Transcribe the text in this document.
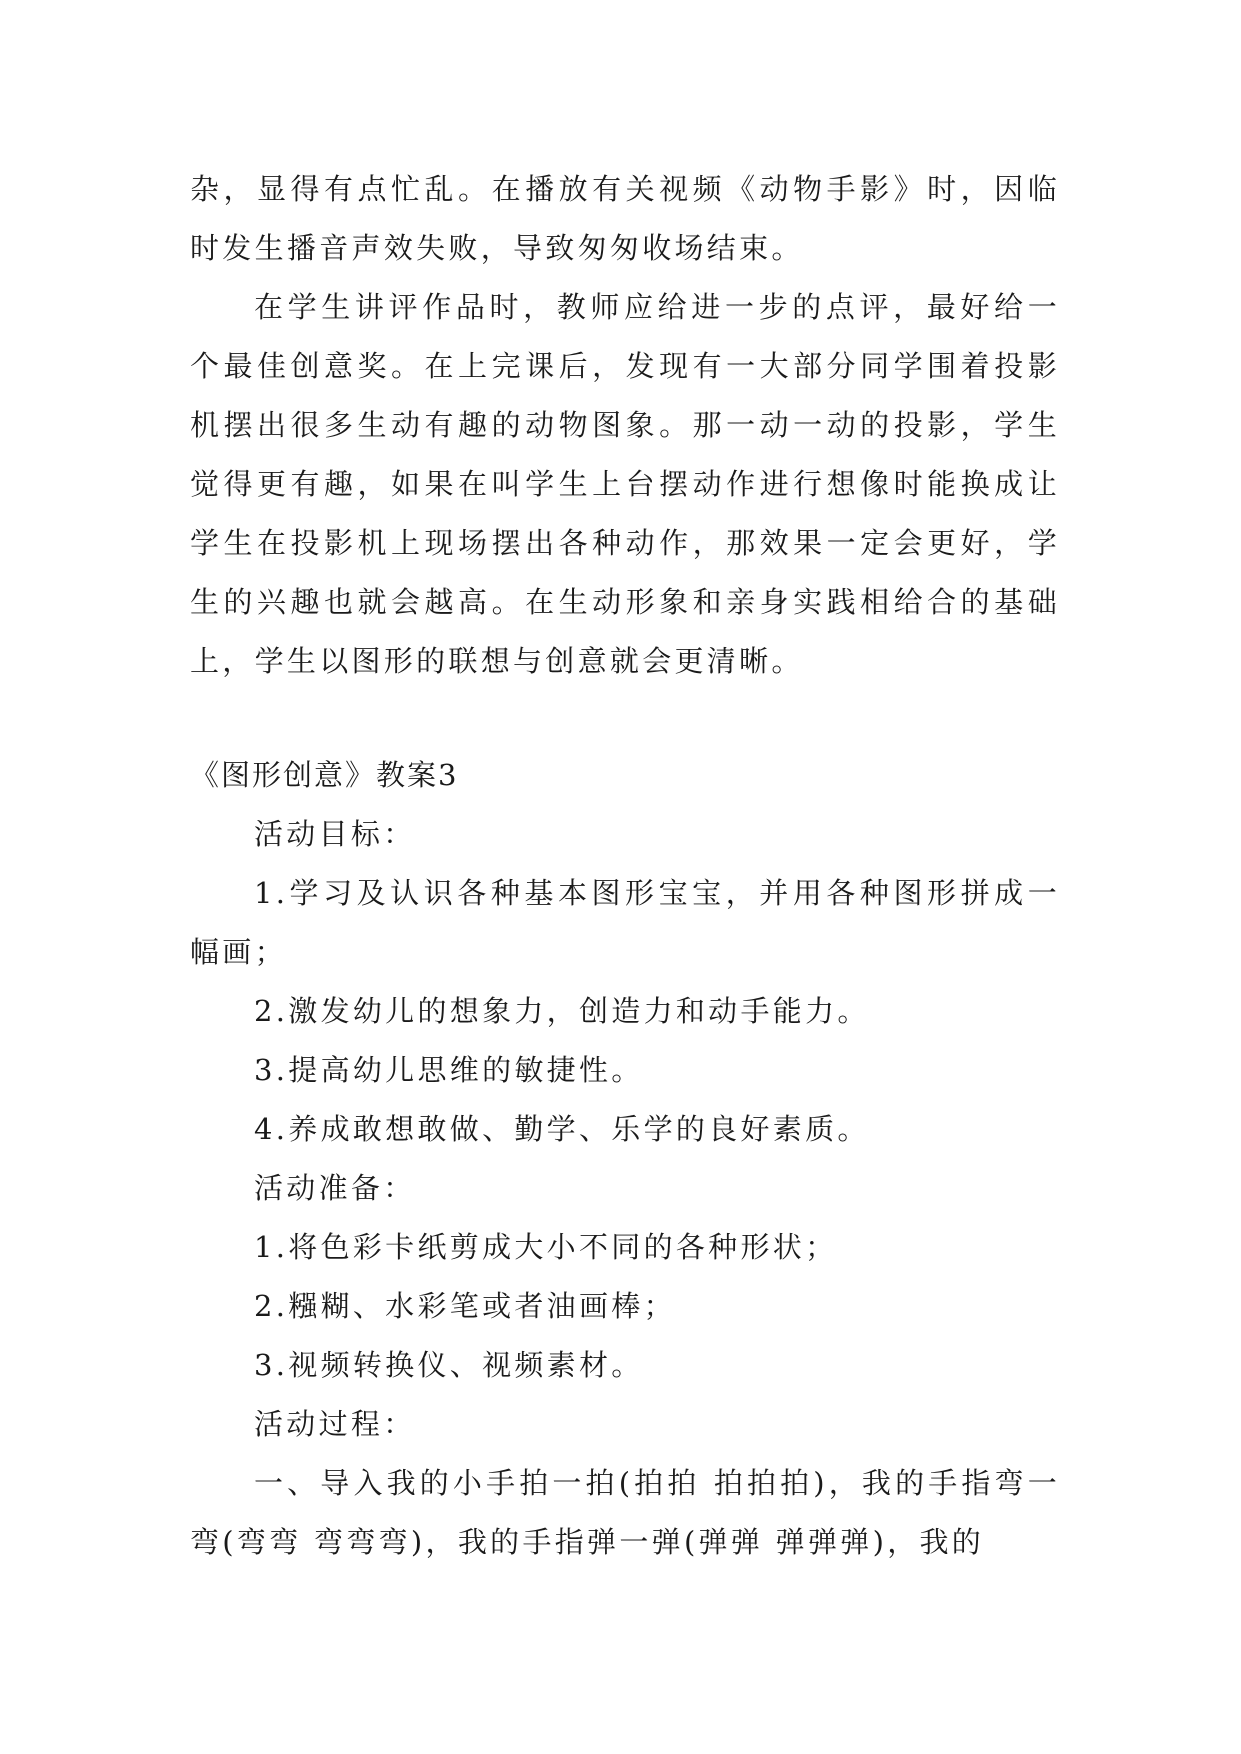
杂，显得有点忙乱。在播放有关视频《动物手影》时，因临时发生播音声效失败，导致匆匆收场结束。

在学生讲评作品时，教师应给进一步的点评，最好给一个最佳创意奖。在上完课后，发现有一大部分同学围着投影机摆出很多生动有趣的动物图象。那一动一动的投影，学生觉得更有趣，如果在叫学生上台摆动作进行想像时能换成让学生在投影机上现场摆出各种动作，那效果一定会更好，学生的兴趣也就会越高。在生动形象和亲身实践相给合的基础上，学生以图形的联想与创意就会更清晰。

《图形创意》教案3

活动目标：

1.学习及认识各种基本图形宝宝，并用各种图形拼成一幅画；

2.激发幼儿的想象力，创造力和动手能力。

3.提高幼儿思维的敏捷性。

4.养成敢想敢做、勤学、乐学的良好素质。

活动准备：

1.将色彩卡纸剪成大小不同的各种形状；

2.糨糊、水彩笔或者油画棒；

3.视频转换仪、视频素材。

活动过程：

一、导入我的小手拍一拍(拍拍 拍拍拍)，我的手指弯一弯(弯弯 弯弯弯)，我的手指弹一弹(弹弹 弹弹弹)，我的
